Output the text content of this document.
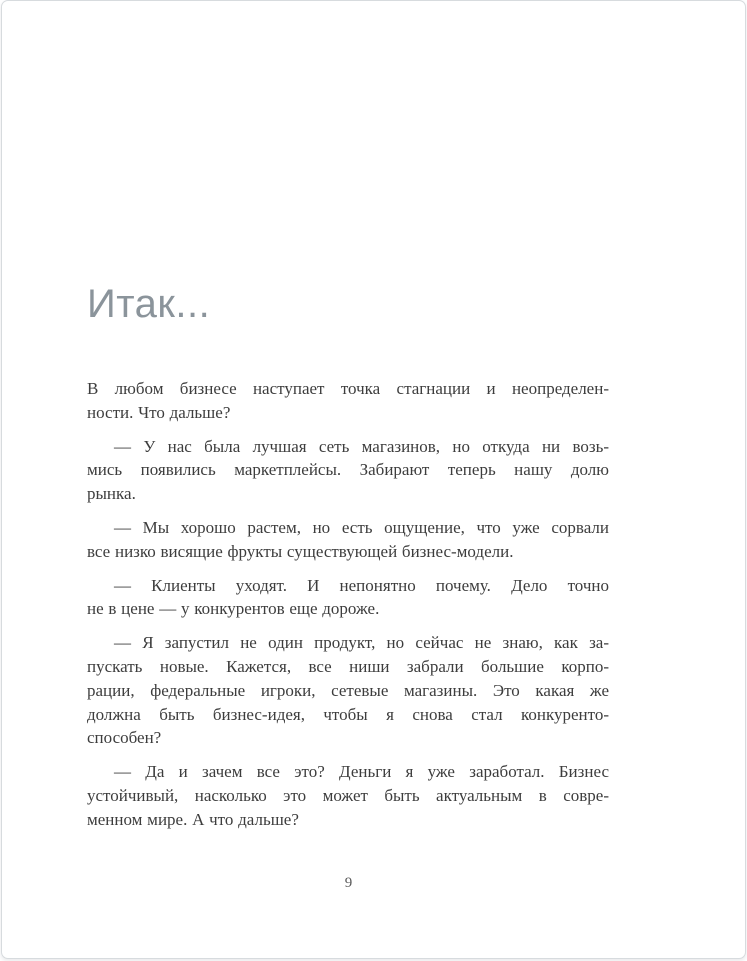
Итак...
В любом бизнесе наступает точка стагнации и неопределен-
ности. Что дальше?
— У нас была лучшая сеть магазинов, но откуда ни возь-
мись появились маркетплейсы. Забирают теперь нашу долю
рынка.
— Мы хорошо растем, но есть ощущение, что уже сорвали
все низко висящие фрукты существующей бизнес-модели.
— Клиенты уходят. И непонятно почему. Дело точно
не в цене — у конкурентов еще дороже.
— Я запустил не один продукт, но сейчас не знаю, как за-
пускать новые. Кажется, все ниши забрали большие корпо-
рации, федеральные игроки, сетевые магазины. Это какая же
должна быть бизнес-идея, чтобы я снова стал конкуренто-
способен?
— Да и зачем все это? Деньги я уже заработал. Бизнес
устойчивый, насколько это может быть актуальным в совре-
менном мире. А что дальше?
9
